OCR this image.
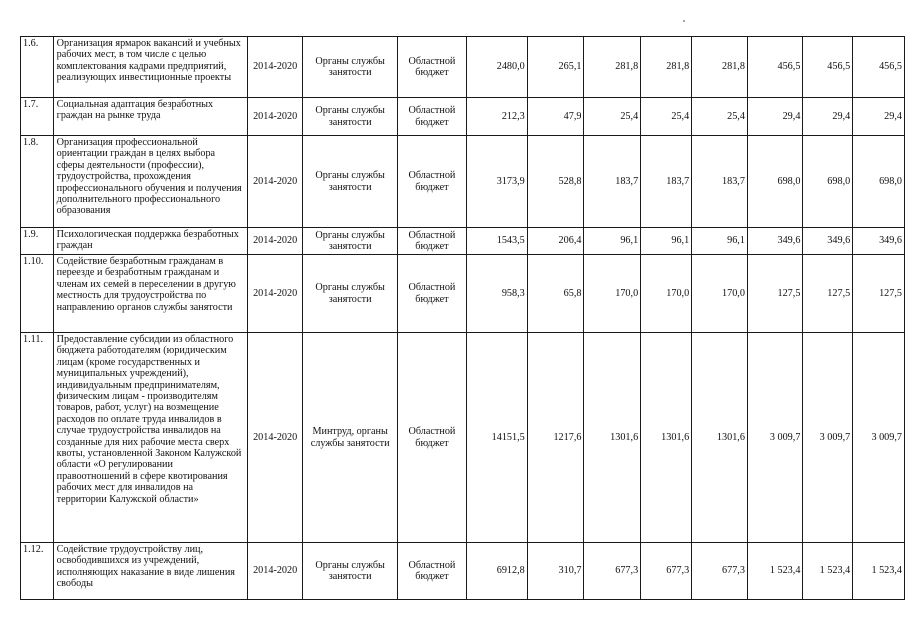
1.6.	Организация ярмарок вакансий и учебных рабочих мест, в том числе с целью комплектования кадрами предприятий, реализующих инвестиционные проекты	2014-2020	Органы службы занятости	Областной бюджет	2480,0	265,1	281,8	281,8	281,8	456,5	456,5	456,5
1.7.	Социальная адаптация безработных граждан на рынке труда	2014-2020	Органы службы занятости	Областной бюджет	212,3	47,9	25,4	25,4	25,4	29,4	29,4	29,4
1.8.	Организация профессиональной ориентации граждан в целях выбора сферы деятельности (профессии), трудоустройства, прохождения профессионального обучения и получения дополнительного профессионального образования	2014-2020	Органы службы занятости	Областной бюджет	3173,9	528,8	183,7	183,7	183,7	698,0	698,0	698,0
1.9.	Психологическая поддержка безработных граждан	2014-2020	Органы службы занятости	Областной бюджет	1543,5	206,4	96,1	96,1	96,1	349,6	349,6	349,6
1.10.	Содействие безработным гражданам в переезде и безработным гражданам и членам их семей в переселении в другую местность для трудоустройства по направлению органов службы занятости	2014-2020	Органы службы занятости	Областной бюджет	958,3	65,8	170,0	170,0	170,0	127,5	127,5	127,5
1.11.	Предоставление субсидии из областного бюджета работодателям (юридическим лицам (кроме государственных и муниципальных учреждений), индивидуальным предпринимателям, физическим лицам - производителям товаров, работ, услуг) на возмещение расходов по оплате труда инвалидов в случае трудоустройства инвалидов на созданные для них рабочие места сверх квоты, установленной Законом Калужской области «О регулировании правоотношений в сфере квотирования рабочих мест для инвалидов на территории Калужской области»	2014-2020	Минтруд, органы службы занятости	Областной бюджет	14151,5	1217,6	1301,6	1301,6	1301,6	3 009,7	3 009,7	3 009,7
1.12.	Содействие трудоустройству лиц, освободившихся из учреждений, исполняющих наказание в виде лишения свободы	2014-2020	Органы службы занятости	Областной бюджет	6912,8	310,7	677,3	677,3	677,3	1 523,4	1 523,4	1 523,4
